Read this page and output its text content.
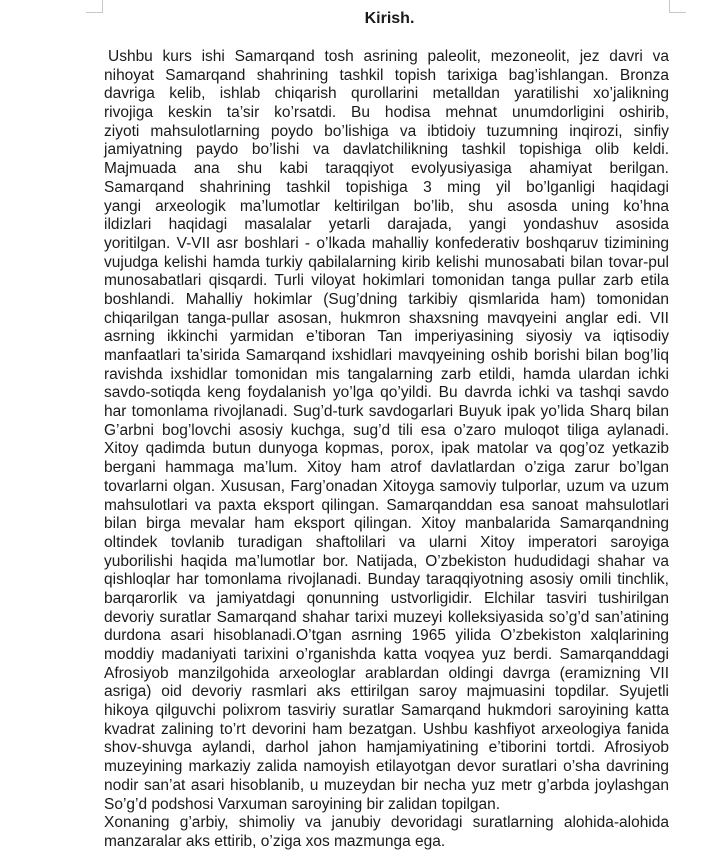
Kirish.

Ushbu kurs ishi Samarqand tosh asrining paleolit, mezoneolit, jez davri va
nihoyat Samarqand shahrining tashkil topish tarixiga bag’ishlangan. Bronza
davriga kelib, ishlab chiqarish qurollarini metalldan yaratilishi xo’jalikning
rivojiga keskin ta’sir ko’rsatdi. Bu hodisa mehnat unumdorligini oshirib,
ziyoti mahsulotlarning poydo bo’lishiga va ibtidoiy tuzumning inqirozi, sinfiy
jamiyatning paydo bo’lishi va davlatchilikning tashkil topishiga olib keldi.
Majmuada ana shu kabi taraqqiyot evolyusiyasiga ahamiyat berilgan.
Samarqand shahrining tashkil topishiga 3 ming yil bo’lganligi haqidagi
yangi arxeologik ma’lumotlar keltirilgan bo’lib, shu asosda uning ko’hna
ildizlari haqidagi masalalar yetarli darajada, yangi yondashuv asosida
yoritilgan. V-VII asr boshlari - o’lkada mahalliy konfederativ boshqaruv tizimining
vujudga kelishi hamda turkiy qabilalarning kirib kelishi munosabati bilan tovar-pul
munosabatlari qisqardi. Turli viloyat hokimlari tomonidan tanga pullar zarb etila
boshlandi. Mahalliy hokimlar (Sug’dning tarkibiy qismlarida ham) tomonidan
chiqarilgan tanga-pullar asosan, hukmron shaxsning mavqyeini anglar edi. VII
asrning ikkinchi yarmidan e’tiboran Tan imperiyasining siyosiy va iqtisodiy
manfaatlari ta’sirida Samarqand ixshidlari mavqyeining oshib borishi bilan bog’liq
ravishda ixshidlar tomonidan mis tangalarning zarb etildi, hamda ulardan ichki
savdo-sotiqda keng foydalanish yo’lga qo’yildi. Bu davrda ichki va tashqi savdo
har tomonlama rivojlanadi. Sug’d-turk savdogarlari Buyuk ipak yo’lida Sharq bilan
G’arbni bog’lovchi asosiy kuchga, sug’d tili esa o’zaro muloqot tiliga aylanadi.
Xitoy qadimda butun dunyoga kopmas, porox, ipak matolar va qog’oz yetkazib
bergani hammaga ma’lum. Xitoy ham atrof davlatlardan o’ziga zarur bo’lgan
tovarlarni olgan. Xususan, Farg’onadan Xitoyga samoviy tulporlar, uzum va uzum
mahsulotlari va paxta eksport qilingan. Samarqanddan esa sanoat mahsulotlari
bilan birga mevalar ham eksport qilingan. Xitoy manbalarida Samarqandning
oltindek tovlanib turadigan shaftolilari va ularni Xitoy imperatori saroyiga
yuborilishi haqida ma’lumotlar bor. Natijada, O’zbekiston hududidagi shahar va
qishloqlar har tomonlama rivojlanadi. Bunday taraqqiyotning asosiy omili tinchlik,
barqarorlik va jamiyatdagi qonunning ustvorligidir. Elchilar tasviri tushirilgan
devoriy suratlar Samarqand shahar tarixi muzeyi kolleksiyasida so’g’d san’atining
durdona asari hisoblanadi.O’tgan asrning 1965 yilida O’zbekiston xalqlarining
moddiy madaniyati tarixini o’rganishda katta voqyea yuz berdi. Samarqanddagi
Afrosiyob manzilgohida arxeologlar arablardan oldingi davrga (eramizning VII
asriga) oid devoriy rasmlari aks ettirilgan saroy majmuasini topdilar. Syujetli
hikoya qilguvchi polixrom tasviriy suratlar Samarqand hukmdori saroyining katta
kvadrat zalining to’rt devorini ham bezatgan. Ushbu kashfiyot arxeologiya fanida
shov-shuvga aylandi, darhol jahon hamjamiyatining e’tiborini tortdi. Afrosiyob
muzeyining markaziy zalida namoyish etilayotgan devor suratlari o’sha davrining
nodir san’at asari hisoblanib, u muzeydan bir necha yuz metr g’arbda joylashgan
So’g’d podshosi Varxuman saroyining bir zalidan topilgan.

Xonaning g’arbiy, shimoliy va janubiy devoridagi suratlarning alohida-alohida
manzaralar aks ettirib, o’ziga xos mazmunga ega.
